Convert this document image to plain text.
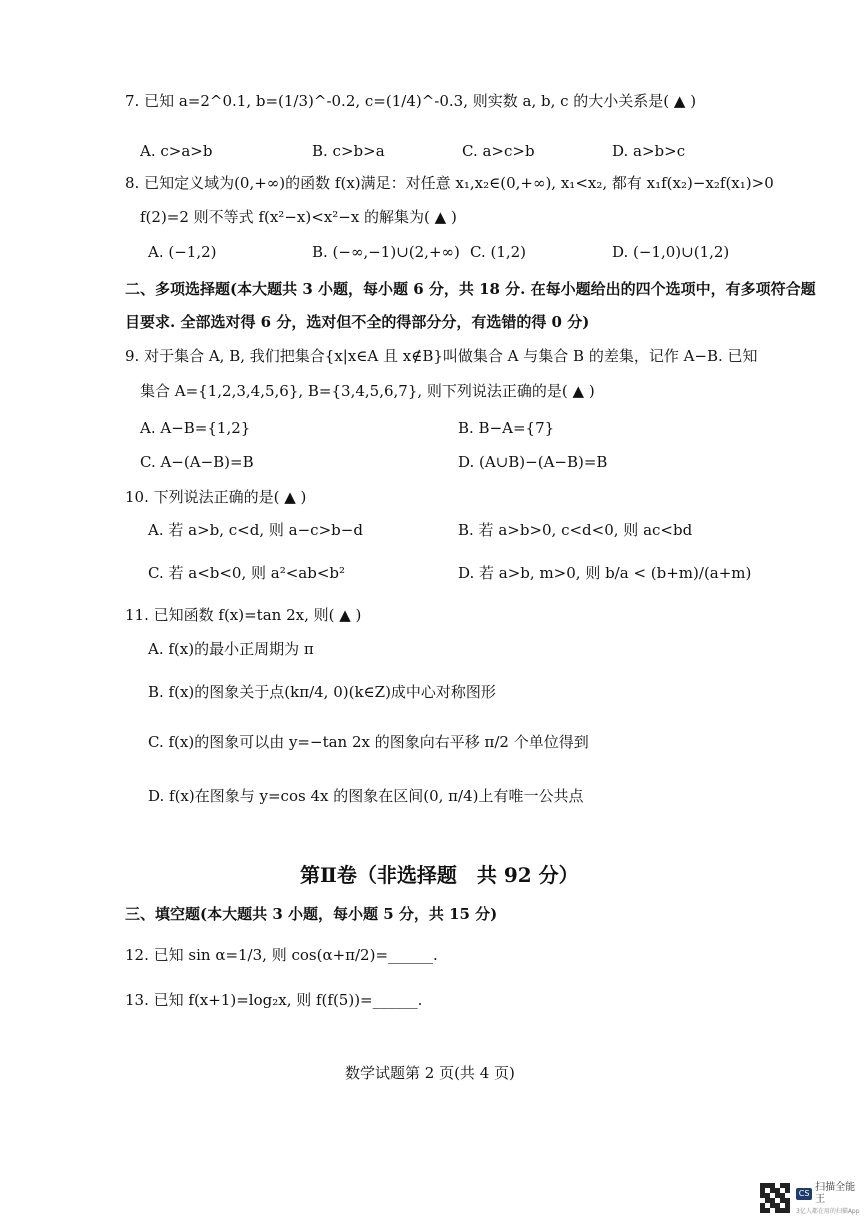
7. 已知 a=2^0.1, b=(1/3)^-0.2, c=(1/4)^-0.3, 则实数 a, b, c 的大小关系是( ▲ )
A. c>a>b	B. c>b>a	C. a>c>b	D. a>b>c
8. 已知定义域为(0,+∞)的函数 f(x)满足：对任意 x₁,x₂∈(0,+∞), x₁<x₂, 都有 x₁f(x₂)−x₂f(x₁)>0
f(2)=2 则不等式 f(x²−x)<x²−x 的解集为( ▲ )
A. (−1,2)	B. (−∞,−1)∪(2,+∞) C. (1,2)	D. (−1,0)∪(1,2)
二、多项选择题(本大题共 3 小题，每小题 6 分，共 18 分. 在每小题给出的四个选项中，有多项符合题
目要求. 全部选对得 6 分，选对但不全的得部分分，有选错的得 0 分)
9. 对于集合 A, B, 我们把集合{x|x∈A 且 x∉B}叫做集合 A 与集合 B 的差集，记作 A−B. 已知
集合 A={1,2,3,4,5,6}, B={3,4,5,6,7}, 则下列说法正确的是( ▲ )
A. A−B={1,2}	B. B−A={7}
C. A−(A−B)=B	D. (A∪B)−(A−B)=B
10. 下列说法正确的是( ▲ )
A. 若 a>b, c<d, 则 a−c>b−d	B. 若 a>b>0, c<d<0, 则 ac<bd
C. 若 a<b<0, 则 a²<ab<b²	D. 若 a>b, m>0, 则 b/a < (b+m)/(a+m)
11. 已知函数 f(x)=tan 2x, 则( ▲ )
A. f(x)的最小正周期为 π
B. f(x)的图象关于点(kπ/4, 0)(k∈Z)成中心对称图形
C. f(x)的图象可以由 y=−tan 2x 的图象向右平移 π/2 个单位得到
D. f(x)在图象与 y=cos 4x 的图象在区间(0, π/4)上有唯一公共点
第Ⅱ卷（非选择题　共 92 分）
三、填空题(本大题共 3 小题，每小题 5 分，共 15 分)
12. 已知 sin α=1/3, 则 cos(α+π/2)=______.
13. 已知 f(x+1)=log₂x, 则 f(f(5))=______.
数学试题第 2 页(共 4 页)
CS
扫描全能王
3亿人都在用的扫描App
